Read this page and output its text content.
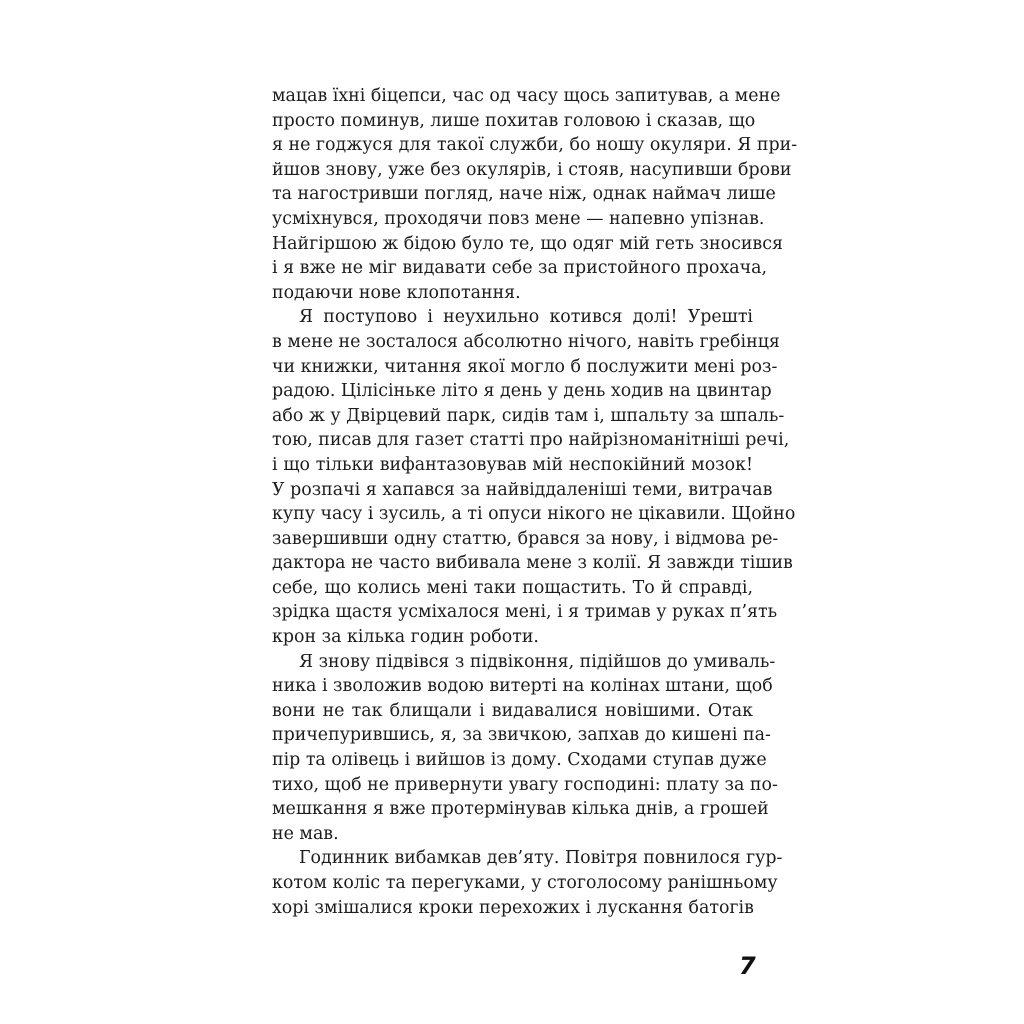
мацав їхні біцепси, час од часу щось запитував, а мене
просто поминув, лише похитав головою і сказав, що
я не годжуся для такої служби, бо ношу окуляри. Я при-
йшов знову, уже без окулярів, і стояв, насупивши брови
та нагостривши погляд, наче ніж, однак наймач лише
усміхнувся, проходячи повз мене — напевно упізнав.
Найгіршою ж бідою було те, що одяг мій геть зносився
і я вже не міг видавати себе за пристойного прохача,
подаючи нове клопотання.
Я поступово і неухильно котився долі! Урешті
в мене не зосталося абсолютно нічого, навіть гребінця
чи книжки, читання якої могло б послужити мені роз-
радою. Цілісіньке літо я день у день ходив на цвинтар
або ж у Двірцевий парк, сидів там і, шпальту за шпаль-
тою, писав для газет статті про найрізноманітніші речі,
і що тільки вифантазовував мій неспокійний мозок!
У розпачі я хапався за найвіддаленіші теми, витрачав
купу часу і зусиль, а ті опуси нікого не цікавили. Щойно
завершивши одну статтю, брався за нову, і відмова ре-
дактора не часто вибивала мене з колії. Я завжди тішив
себе, що колись мені таки пощастить. То й справді,
зрідка щастя усміхалося мені, і я тримав у руках п’ять
крон за кілька годин роботи.
Я знову підвівся з підвіконня, підійшов до умиваль-
ника і зволожив водою витерті на колінах штани, щоб
вони не так блищали і видавалися новішими. Отак
причепурившись, я, за звичкою, запхав до кишені па-
пір та олівець і вийшов із дому. Сходами ступав дуже
тихо, щоб не привернути увагу господині: плату за по-
мешкання я вже протермінував кілька днів, а грошей
не мав.
Годинник вибамкав дев’яту. Повітря повнилося гур-
котом коліс та перегуками, у стоголосому ранішньому
хорі змішалися кроки перехожих і лускання батогів
7
